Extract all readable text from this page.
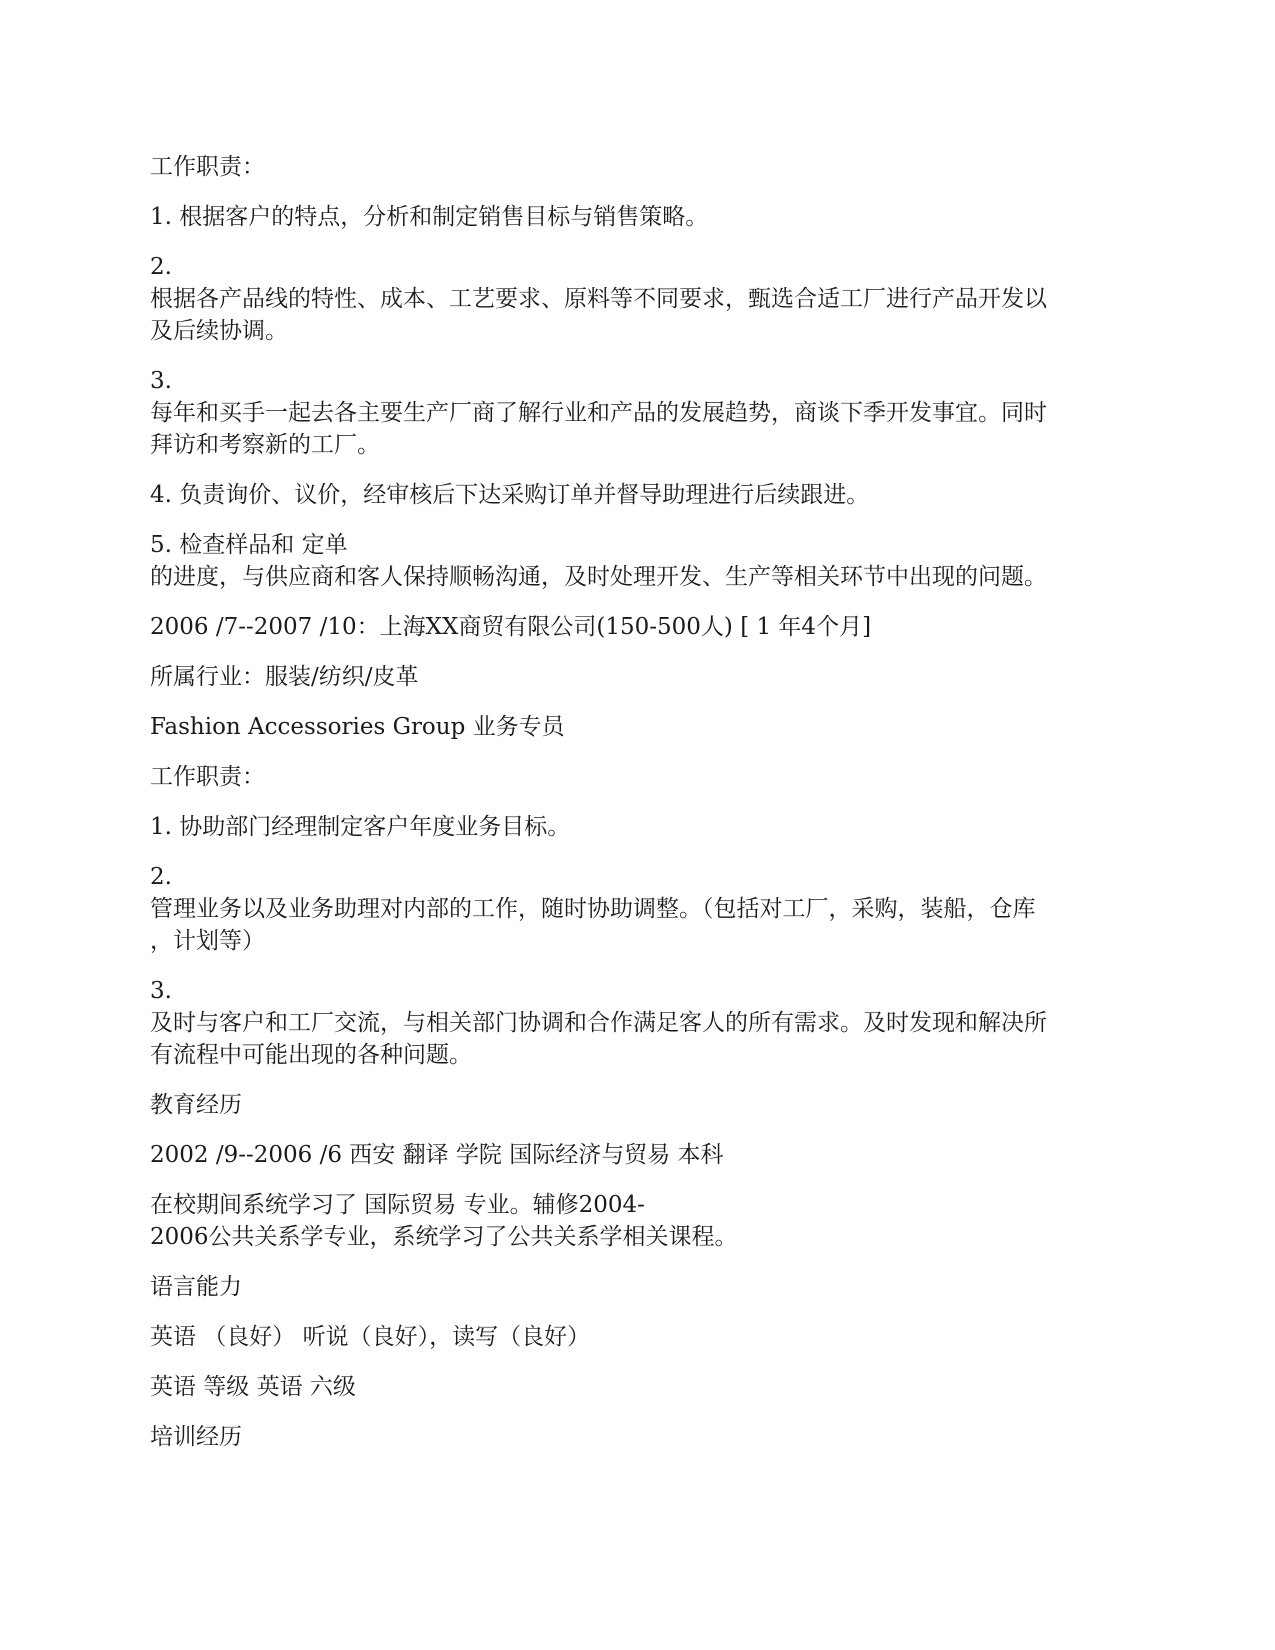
工作职责：

1. 根据客户的特点，分析和制定销售目标与销售策略。

2.
根据各产品线的特性、成本、工艺要求、原料等不同要求，甄选合适工厂进行产品开发以
及后续协调。

3.
每年和买手一起去各主要生产厂商了解行业和产品的发展趋势，商谈下季开发事宜。同时
拜访和考察新的工厂。

4. 负责询价、议价，经审核后下达采购订单并督导助理进行后续跟进。

5. 检查样品和 定单
的进度，与供应商和客人保持顺畅沟通，及时处理开发、生产等相关环节中出现的问题。

2006 /7--2007 /10：上海XX商贸有限公司(150-500人) [ 1 年4个月]

所属行业：服装/纺织/皮革

Fashion Accessories Group 业务专员

工作职责：

1. 协助部门经理制定客户年度业务目标。

2.
管理业务以及业务助理对内部的工作，随时协助调整。（包括对工厂，采购，装船，仓库
，计划等）

3.
及时与客户和工厂交流，与相关部门协调和合作满足客人的所有需求。及时发现和解决所
有流程中可能出现的各种问题。

教育经历

2002 /9--2006 /6 西安 翻译 学院 国际经济与贸易 本科

在校期间系统学习了 国际贸易 专业。辅修2004-
2006公共关系学专业，系统学习了公共关系学相关课程。

语言能力

英语 （良好） 听说（良好），读写（良好）

英语 等级 英语 六级

培训经历
